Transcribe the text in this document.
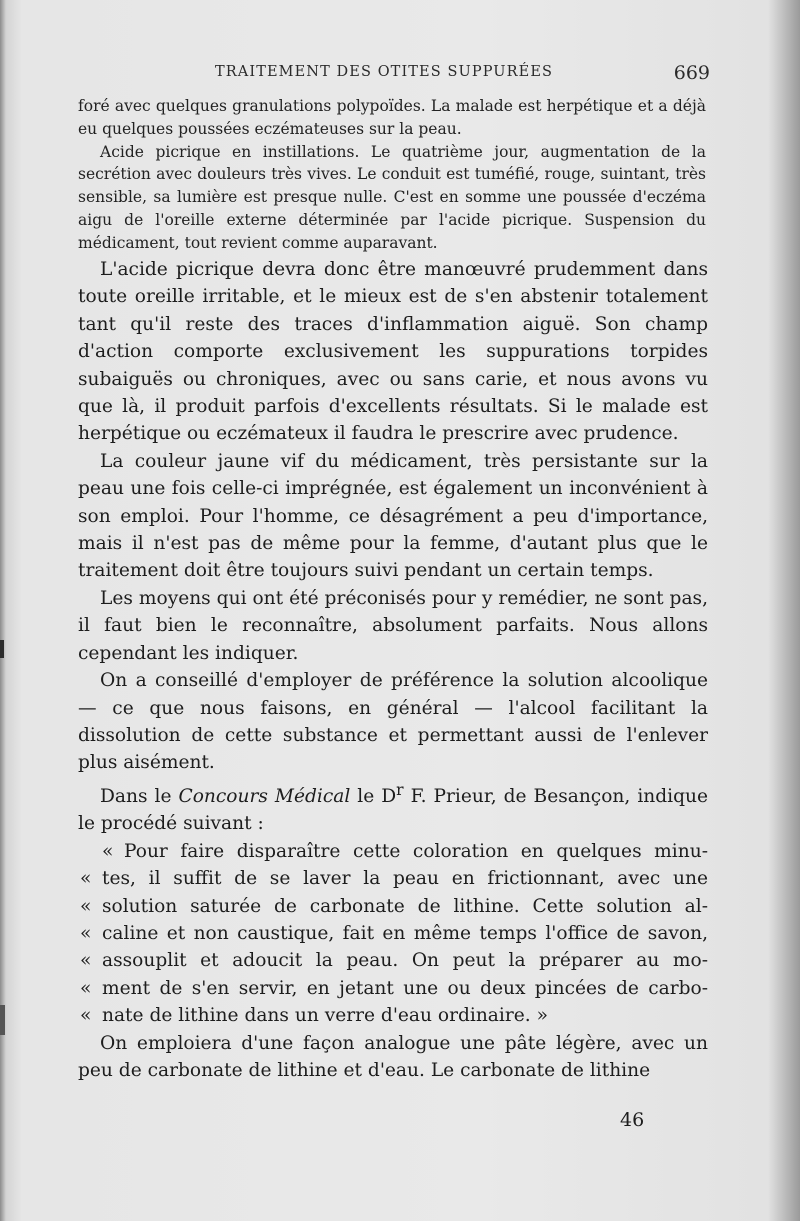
TRAITEMENT DES OTITES SUPPURÉES	669

foré avec quelques granulations polypoïdes. La malade est herpétique et a déjà eu quelques poussées eczémateuses sur la peau.

Acide picrique en instillations. Le quatrième jour, augmentation de la secrétion avec douleurs très vives. Le conduit est tuméfié, rouge, suintant, très sensible, sa lumière est presque nulle. C'est en somme une poussée d'eczéma aigu de l'oreille externe déterminée par l'acide picrique. Suspension du médicament, tout revient comme auparavant.

L'acide picrique devra donc être manœuvré prudemment dans toute oreille irritable, et le mieux est de s'en abstenir totalement tant qu'il reste des traces d'inflammation aiguë. Son champ d'action comporte exclusivement les suppurations torpides subaiguës ou chroniques, avec ou sans carie, et nous avons vu que là, il produit parfois d'excellents résultats. Si le malade est herpétique ou eczémateux il faudra le prescrire avec prudence.

La couleur jaune vif du médicament, très persistante sur la peau une fois celle-ci imprégnée, est également un inconvénient à son emploi. Pour l'homme, ce désagrément a peu d'importance, mais il n'est pas de même pour la femme, d'autant plus que le traitement doit être toujours suivi pendant un certain temps.

Les moyens qui ont été préconisés pour y remédier, ne sont pas, il faut bien le reconnaître, absolument parfaits. Nous allons cependant les indiquer.

On a conseillé d'employer de préférence la solution alcoolique — ce que nous faisons, en général — l'alcool facilitant la dissolution de cette substance et permettant aussi de l'enlever plus aisément.

Dans le Concours Médical le $D^r$ F. Prieur, de Besançon, indique le procédé suivant :

« Pour faire disparaître cette coloration en quelques minu-
« tes, il suffit de se laver la peau en frictionnant, avec une
« solution saturée de carbonate de lithine. Cette solution al-
« caline et non caustique, fait en même temps l'office de savon,
« assouplit et adoucit la peau. On peut la préparer au mo-
« ment de s'en servir, en jetant une ou deux pincées de carbo-
« nate de lithine dans un verre d'eau ordinaire. »

On emploiera d'une façon analogue une pâte légère, avec un peu de carbonate de lithine et d'eau. Le carbonate de lithine

46
